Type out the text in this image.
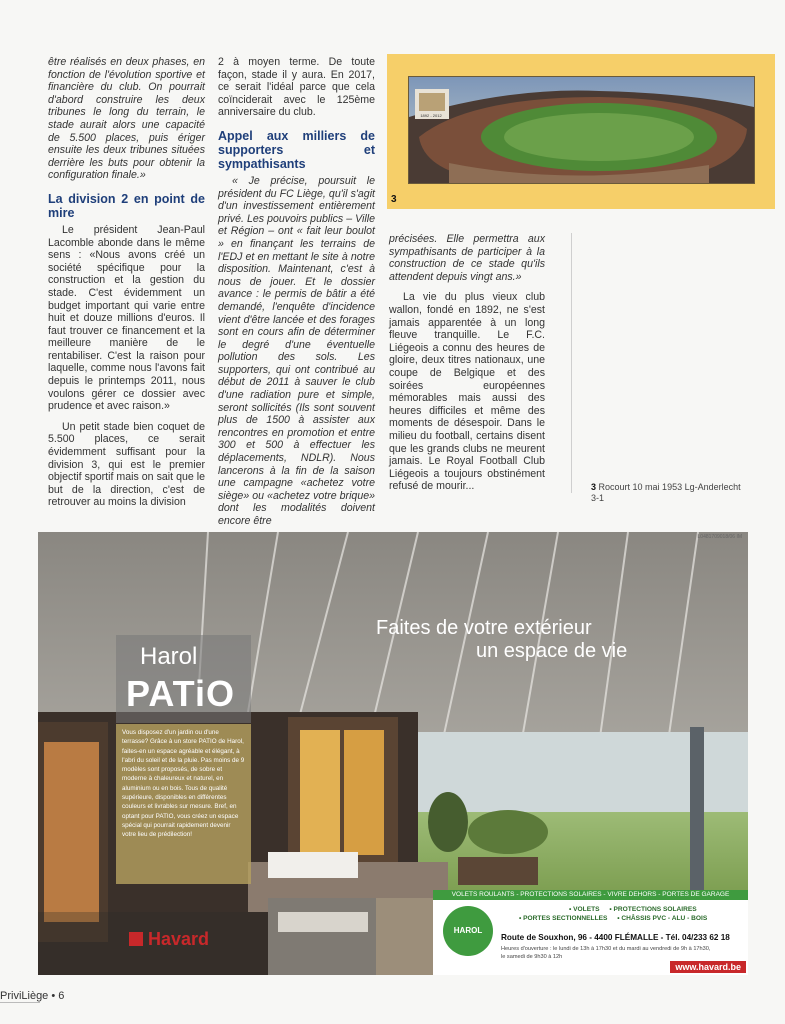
être réalisés en deux phases, en fonction de l'évolution sportive et financière du club. On pourrait d'abord construire les deux tribunes le long du terrain, le stade aurait alors une capacité de 5.500 places, puis ériger ensuite les deux tribunes situées derrière les buts pour obtenir la configuration finale.»

La division 2 en point de mire

Le président Jean-Paul Lacomble abonde dans le même sens : «Nous avons créé un société spécifique pour la construction et la gestion du stade. C'est évidemment un budget important qui varie entre huit et douze millions d'euros. Il faut trouver ce financement et la meilleure manière de le rentabiliser. C'est la raison pour laquelle, comme nous l'avons fait depuis le printemps 2011, nous voulons gérer ce dossier avec prudence et avec raison.»

Un petit stade bien coquet de 5.500 places, ce serait évidemment suffisant pour la division 3, qui est le premier objectif sportif mais on sait que le but de la direction, c'est de retrouver au moins la division

2 à moyen terme. De toute façon, stade il y aura. En 2017, ce serait l'idéal parce que cela coïnciderait avec le 125ème anniversaire du club.

Appel aux milliers de supporters et sympathisants

« Je précise, poursuit le président du FC Liège, qu'il s'agit d'un investissement entièrement privé. Les pouvoirs publics – Ville et Région – ont « fait leur boulot » en finançant les terrains de l'EDJ et en mettant le site à notre disposition. Maintenant, c'est à nous de jouer. Et le dossier avance : le permis de bâtir a été demandé, l'enquête d'incidence vient d'être lancée et des forages sont en cours afin de déterminer le degré d'une éventuelle pollution des sols. Les supporters, qui ont contribué au début de 2011 à sauver le club d'une radiation pure et simple, seront sollicités (Ils sont souvent plus de 1500 à assister aux rencontres en promotion et entre 300 et 500 à effectuer les déplacements, NDLR). Nous lancerons à la fin de la saison une campagne «achetez votre siège» ou «achetez votre brique» dont les modalités doivent encore être

1892 - 2012
3

précisées. Elle permettra aux sympathisants de participer à la construction de ce stade qu'ils attendent depuis vingt ans.»

La vie du plus vieux club wallon, fondé en 1892, ne s'est jamais apparentée à un long fleuve tranquille. Le F.C. Liégeois a connu des heures de gloire, deux titres nationaux, une coupe de Belgique et des soirées européennes mémorables mais aussi des heures difficiles et même des moments de désespoir. Dans le milieu du football, certains disent que les grands clubs ne meurent jamais. Le Royal Football Club Liégeois a toujours obstinément refusé de mourir...	3 Rocourt 10 mai 1953 Lg-Anderlecht 3-1
L0481709018/06 IM
Faites de votre extérieur
un espace de vie
Harol
PATiO
Vous disposez d'un jardin ou d'une terrasse? Grâce à un store PATIO de Harol, faites-en un espace agréable et élégant, à l'abri du soleil et de la pluie. Pas moins de 9 modèles sont proposés, de sobre et moderne à chaleureux et naturel, en aluminium ou en bois. Tous de qualité supérieure, disponibles en différentes couleurs et livrables sur mesure. Bref, en optant pour PATIO, vous créez un espace spécial qui pourrait rapidement devenir votre lieu de prédilection!
Havard
VOLETS ROULANTS - PROTECTIONS SOLAIRES - VIVRE DEHORS - PORTES DE GARAGE
HAROL
• VOLETS • PROTECTIONS SOLAIRES
• PORTES SECTIONNELLES • CHÂSSIS PVC - ALU - BOIS
Route de Souxhon, 96 - 4400 FLÉMALLE - Tél. 04/233 62 18
Heures d'ouverture : le lundi de 13h à 17h30 et du mardi au vendredi de 9h à 17h30,
le samedi de 9h30 à 12h
www.havard.be
PriviLiège • 6
